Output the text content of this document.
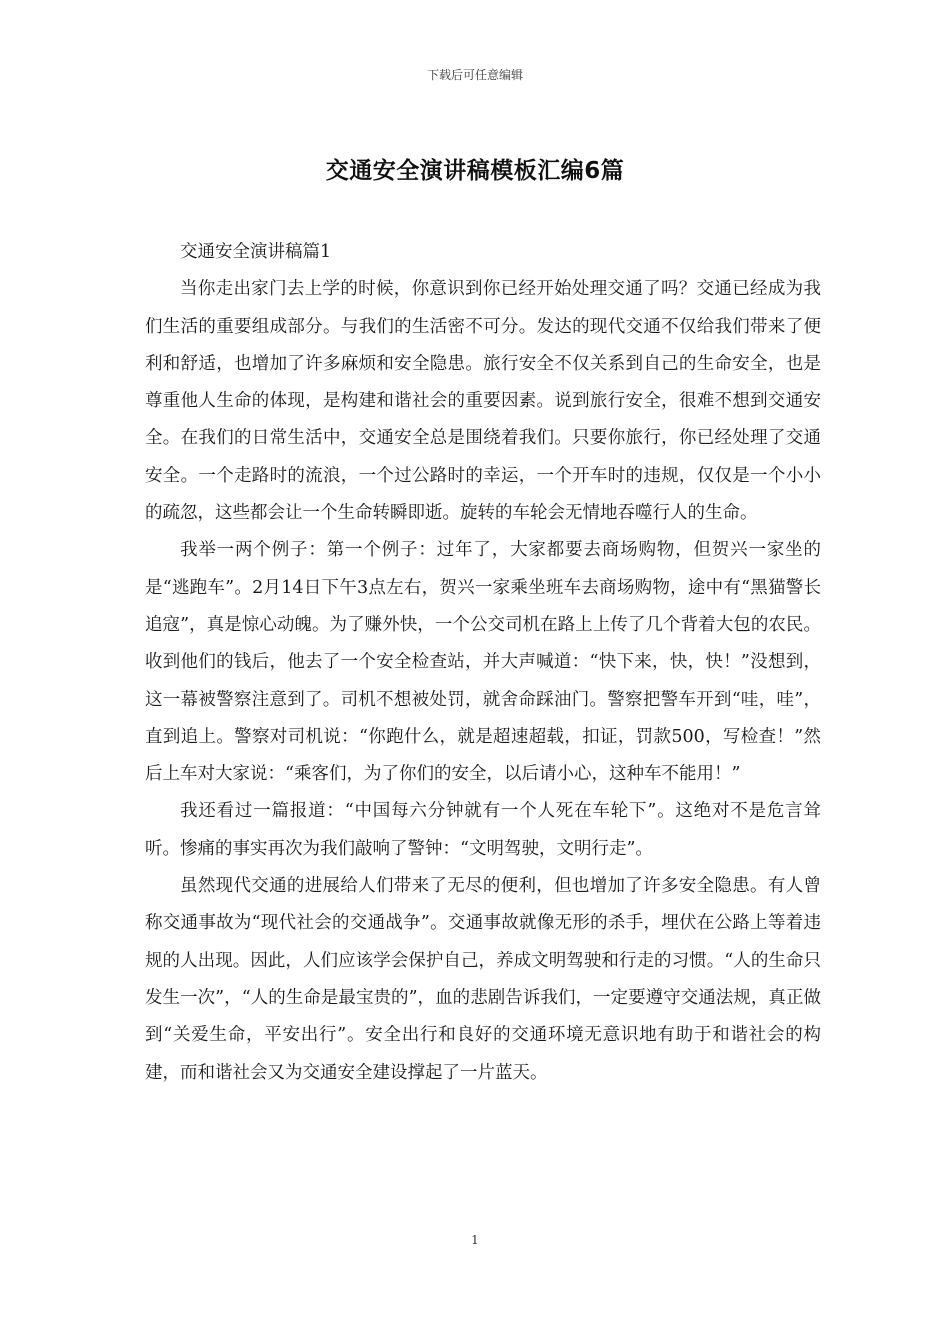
下载后可任意编辑
交通安全演讲稿模板汇编6篇

交通安全演讲稿篇1

当你走出家门去上学的时候，你意识到你已经开始处理交通了吗？交通已经成为我们生活的重要组成部分。与我们的生活密不可分。发达的现代交通不仅给我们带来了便利和舒适，也增加了许多麻烦和安全隐患。旅行安全不仅关系到自己的生命安全，也是尊重他人生命的体现，是构建和谐社会的重要因素。说到旅行安全，很难不想到交通安全。在我们的日常生活中，交通安全总是围绕着我们。只要你旅行，你已经处理了交通安全。一个走路时的流浪，一个过公路时的幸运，一个开车时的违规，仅仅是一个小小的疏忽，这些都会让一个生命转瞬即逝。旋转的车轮会无情地吞噬行人的生命。

我举一两个例子：第一个例子：过年了，大家都要去商场购物，但贺兴一家坐的是“逃跑车”。2月14日下午3点左右，贺兴一家乘坐班车去商场购物，途中有“黑猫警长追寇”，真是惊心动魄。为了赚外快，一个公交司机在路上上传了几个背着大包的农民。收到他们的钱后，他去了一个安全检查站，并大声喊道：“快下来，快，快！”没想到，这一幕被警察注意到了。司机不想被处罚，就舍命踩油门。警察把警车开到“哇，哇”，直到追上。警察对司机说：“你跑什么，就是超速超载，扣证，罚款500，写检查！”然后上车对大家说：“乘客们，为了你们的安全，以后请小心，这种车不能用！”

我还看过一篇报道：“中国每六分钟就有一个人死在车轮下”。这绝对不是危言耸听。惨痛的事实再次为我们敲响了警钟：“文明驾驶，文明行走”。

虽然现代交通的进展给人们带来了无尽的便利，但也增加了许多安全隐患。有人曾称交通事故为“现代社会的交通战争”。交通事故就像无形的杀手，埋伏在公路上等着违规的人出现。因此，人们应该学会保护自己，养成文明驾驶和行走的习惯。“人的生命只发生一次”，“人的生命是最宝贵的”，血的悲剧告诉我们，一定要遵守交通法规，真正做到“关爱生命，平安出行”。安全出行和良好的交通环境无意识地有助于和谐社会的构建，而和谐社会又为交通安全建设撑起了一片蓝天。

1
